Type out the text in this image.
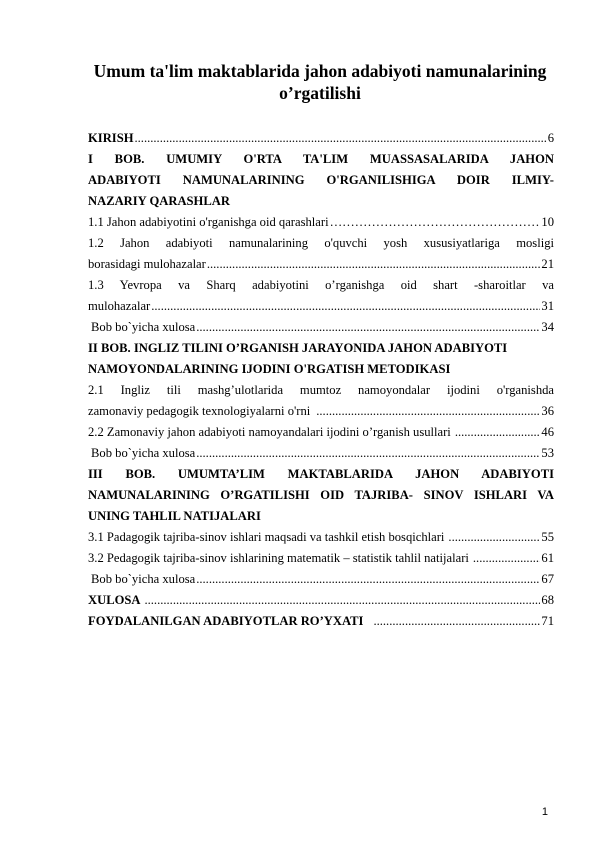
Umum ta'lim maktablarida jahon adabiyoti namunalarining
o’rgatilishi
KIRISH .....	6
I BOB. UMUMIY O'RTA TA'LIM MUASSASALARIDA JAHON
ADABIYOTI NAMUNALARINING O'RGANILISHIGA DOIR ILMIY-
NAZARIY QARASHLAR
1.1 Jahon adabiyotini o'rganishga oid qarashlari …………………………………………………………………………………………………	10
1.2 Jahon adabiyoti namunalarining o'quvchi yosh xususiyatlariga mosligi
borasidagi mulohazalar .....	21
1.3 Yevropa va Sharq adabiyotini o’rganishga oid shart -sharoitlar va
mulohazalar .....	31
Bob bo`yicha xulosa .....	34
II BOB. INGLIZ TILINI O’RGANISH JARAYONIDA JAHON ADABIYOTI
NAMOYONDALARINING IJODINI O'RGATISH METODIKASI
2.1 Ingliz tili mashg’ulotlarida mumtoz namoyondalar ijodini o'rganishda
zamonaviy pedagogik texnologiyalarni o'rni .....	36
2.2 Zamonaviy jahon adabiyoti namoyandalari ijodini o’rganish usullari .....	46
Bob bo`yicha xulosa .....	53
III BOB. UMUMTA’LIM MAKTABLARIDA JAHON ADABIYOTI
NAMUNALARINING O’RGATILISHI OID TAJRIBA- SINOV ISHLARI VA
UNING TAHLIL NATIJALARI
3.1 Padagogik tajriba-sinov ishlari maqsadi va tashkil etish bosqichlari .....	55
3.2 Pedagogik tajriba-sinov ishlarining matematik – statistik tahlil natijalari .....	61
Bob bo`yicha xulosa .....	67
XULOSA .....	68
FOYDALANILGAN ADABIYOTLAR RO’YXATI .....	71
1
